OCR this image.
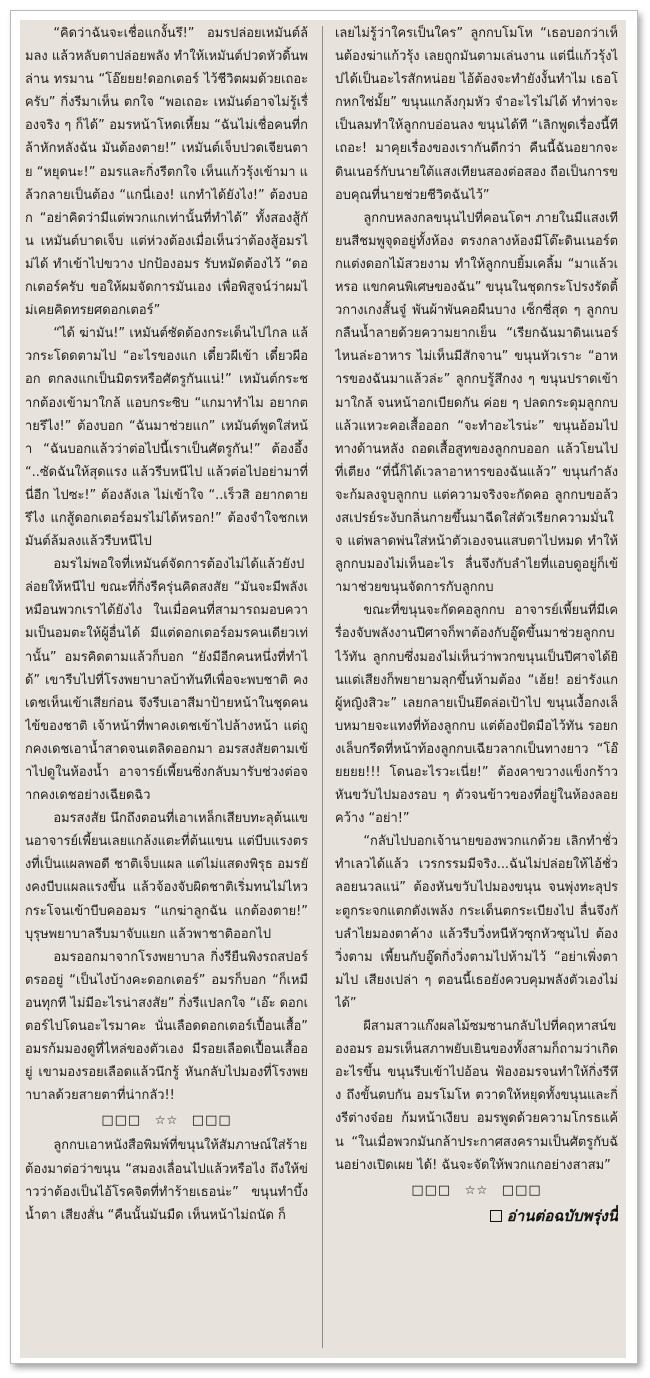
“คิดว่าฉันจะเชื่อแกงั้นรึ!” อมรปล่อยเหมันต์ล้มลง แล้วหลับตาปล่อยพลัง ทำให้เหมันต์ปวดหัวดิ้นพล่าน ทรมาน “โอ๊ยยย!ดอกเตอร์ ไว้ชีวิตผมด้วยเถอะครับ” กิ่งรีมาเห็น ตกใจ “พอเถอะ เหมันต์อาจไม่รู้เรื่องจริง ๆ ก็ได้” อมรหน้าโหดเหี้ยม “ฉันไม่เชื่อคนที่กล้าหักหลังฉัน มันต้องตาย!” เหมันต์เจ็บปวดเจียนตาย “หยุดนะ!” อมรและกิ่งรีตกใจ เห็นแก้วรุ้งเข้ามา แล้วกลายเป็นต้อง “แกนี่เอง! แกทำได้ยังไง!” ต้องบอก “อย่าคิดว่ามีแต่พวกแกเท่านั้นที่ทำได้” ทั้งสองสู้กัน เหมันต์บาดเจ็บ แต่ห่วงต้องเมื่อเห็นว่าต้องสู้อมรไม่ได้ ทำเข้าไปขวาง ปกป้องอมร รับหมัดต้องไว้ “ดอกเตอร์ครับ ขอให้ผมจัดการมันเอง เพื่อพิสูจน์ว่าผมไม่เคยคิดทรยศดอกเตอร์”

“ได้ ฆ่ามัน!” เหมันต์ซัดต้องกระเด็นไปไกล แล้วกระโดดตามไป “อะไรของแก เดี๋ยวผีเข้า เดี๋ยวผีออก ตกลงแกเป็นมิตรหรือศัตรูกันแน่!” เหมันต์กระชากต้องเข้ามาใกล้ แอบกระซิบ “แกมาทำไม อยากตายรึไง!” ต้องบอก “ฉันมาช่วยแก” เหมันต์พูดใส่หน้า “ฉันบอกแล้วว่าต่อไปนี้เราเป็นศัตรูกัน!” ต้องอึ้ง “..ซัดฉันให้สุดแรง แล้วรีบหนีไป แล้วต่อไปอย่ามาที่นี่อีก ไปซะ!” ต้องลังเล ไม่เข้าใจ “..เร็วสิ อยากตายรึไง แกสู้ดอกเตอร์อมรไม่ได้หรอก!” ต้องจำใจชกเหมันต์ล้มลงแล้วรีบหนีไป

อมรไม่พอใจที่เหมันต์จัดการต้องไม่ได้แล้วยังปล่อยให้หนีไป ขณะที่กิ่งรีครุ่นคิดสงสัย “มันจะมีพลังเหมือนพวกเราได้ยังไง ในเมื่อคนที่สามารถมอบความเป็นอมตะให้ผู้อื่นได้ มีแต่ดอกเตอร์อมรคนเดียวเท่านั้น” อมรคิดตามแล้วก็บอก “ยังมีอีกคนหนึ่งที่ทำได้” เขารีบไปที่โรงพยาบาลบ้าทันทีเพื่อจะพบชาติ คงเดชเห็นเข้าเสียก่อน จึงรีบเอาสีมาป้ายหน้าในชุดคนไข้ของชาติ เจ้าหน้าที่พาคงเดชเข้าไปล้างหน้า แต่ถูกคงเดชเอาน้ำสาดจนเตลิดออกมา อมรสงสัยตามเข้าไปดูในห้องน้ำ อาจารย์เพี้ยนซิ่งกลับมารับช่วงต่อจากคงเดชอย่างเฉียดฉิว

อมรสงสัย นึกถึงตอนที่เอาเหล็กเสียบทะลุต้นแขนอาจารย์เพี้ยนเลยแกล้งแตะที่ต้นแขน แต่บีบแรงตรงที่เป็นแผลพอดี ชาติเจ็บแผล แต่ไม่แสดงพิรุธ อมรยังคงบีบแผลแรงขึ้น แล้วจ้องจับผิดชาติเริ่มทนไม่ไหว กระโจนเข้าบีบคออมร “แกฆ่าลูกฉัน แกต้องตาย!” บุรุษพยาบาลรีบมาจับแยก แล้วพาชาติออกไป

อมรออกมาจากโรงพยาบาล กิ่งรียืนพิงรถสปอร์ตรออยู่ “เป็นไงบ้างคะดอกเตอร์” อมรก็บอก “ก็เหมือนทุกที ไม่มีอะไรน่าสงสัย” กิ่งรีแปลกใจ “เอ๊ะ ดอกเตอร์ไปโดนอะไรมาคะ นั่นเลือดดอกเตอร์เปื้อนเสื้อ” อมรก้มมองดูที่ไหล่ของตัวเอง มีรอยเลือดเปื้อนเสื้ออยู่ เขามองรอยเลือดแล้วนึกรู้ หันกลับไปมองที่โรงพยาบาลด้วยสายตาที่น่ากลัว!!

□□□ ☆☆ □□□

ลูกกบเอาหนังสือพิมพ์ที่ขนุนให้สัมภาษณ์ใส่ร้ายต้องมาต่อว่าขนุน “สมองเลื่อนไปแล้วหรือไง ถึงให้ข่าวว่าต้องเป็นไอ้โรคจิตที่ทำร้ายเธอน่ะ” ขนุนทำบึ้งน้ำตา เสียงสั่น “คืนนั้นมันมืด เห็นหน้าไม่ถนัด ก็

เลยไม่รู้ว่าใครเป็นใคร” ลูกกบโมโห “เธอบอกว่าเห็นต้องฆ่าแก้วรุ้ง เลยถูกมันตามเล่นงาน แต่นี่แก้วรุ้งไปได้เป็นอะไรสักหน่อย ไอ้ต้องจะทำยังงั้นทำไม เธอโกหกใช่มั้ย” ขนุนแกล้งกุมหัว จำอะไรไม่ได้ ทำท่าจะเป็นลมทำให้ลูกกบอ่อนลง ขนุนได้ที “เลิกพูดเรื่องนี้ทีเถอะ! มาคุยเรื่องของเรากันดีกว่า คืนนี้ฉันอยากจะดินเนอร์กับนายใต้แสงเทียนสองต่อสอง ถือเป็นการขอบคุณที่นายช่วยชีวิตฉันไว้”

ลูกกบหลงกลขนุนไปที่คอนโดฯ ภายในมีแสงเทียนสีชมพูจุดอยู่ทั้งห้อง ตรงกลางห้องมีโต๊ะดินเนอร์ตกแต่งดอกไม้สวยงาม ทำให้ลูกกบยิ้มเคลิ้ม “มาแล้วเหรอ แขกคนพิเศษของฉัน” ขนุนในชุดกระโปรงรัดติ้วกางเกงสั้นจู๋ พันผ้าพันคอผืนบาง เซ็กซี่สุด ๆ ลูกกบกลืนน้ำลายด้วยความยากเย็น “เรียกฉันมาดินเนอร์ไหนล่ะอาหาร ไม่เห็นมีสักจาน” ขนุนหัวเราะ “อาหารของฉันมาแล้วล่ะ” ลูกกบรู้สึกงง ๆ ขนุนปราดเข้ามาใกล้ จนหน้าอกเบียดกัน ค่อย ๆ ปลดกระดุมลูกกบแล้วแหวะคอเสื้อออก “จะทำอะไรน่ะ” ขนุนอ้อมไปทางด้านหลัง ถอดเสื้อสูทของลูกกบออก แล้วโยนไปที่เตียง “ที่นี้ก็ได้เวลาอาหารของฉันแล้ว” ขนุนกำลังจะก้มลงจูบลูกกบ แต่ความจริงจะกัดคอ ลูกกบขอล้วงสเปรย์ระงับกลิ่นกายขึ้นมาฉีดใส่ตัวเรียกความมั่นใจ แต่พลาดพ่นใส่หน้าตัวเองจนแสบตาไปหมด ทำให้ลูกกบมองไม่เห็นอะไร ลื่นจึงกับลำไยที่แอบดูอยู่ก็เข้ามาช่วยขนุนจัดการกับลูกกบ

ขณะที่ขนุนจะกัดคอลูกกบ อาจารย์เพี้ยนที่มีเครื่องจับพลังงานปีศาจก็พาต้องกับอู๊ดขึ้นมาช่วยลูกกบไว้ทัน ลูกกบซึ่งมองไม่เห็นว่าพวกขนุนเป็นปีศาจได้ยินแต่เสียงก็พยายามลุกขึ้นห้ามต้อง “เฮ้ย! อย่ารังแกผู้หญิงสิวะ” เลยกลายเป็นยึดล่อเป้าไป ขนุนเงื้อกงเล็บหมายจะแทงที่ท้องลูกกบ แต่ต้องปัดมือไว้ทัน รอยกงเล็บกรีดที่หน้าท้องลูกกบเฉียวลากเป็นทางยาว “โอ๊ยยยย!!! โดนอะไรวะเนี่ย!” ต้องคาขวางแข็งกร้าว หันขวับไปมองรอบ ๆ ตัวจนข้าวของที่อยู่ในห้องลอยคว้าง “อย่า!”

“กลับไปบอกเจ้านายของพวกแกด้วย เลิกทำชั่วทำเลวได้แล้ว เวรกรรมมีจริง...ฉันไม่ปล่อยให้ไอ้ชั่วลอยนวลแน่” ต้องหันขวับไปมองขนุน จนพุ่งทะลุประตูกระจกแตกดังเพล้ง กระเด็นตกระเบียงไป ลื่นจึงกับลำไยมองตาค้าง แล้วรีบวิ่งหนีหัวซุกหัวซุนไป ต้องวิ่งตาม เพี้ยนกับอู๊ดกิ่งวิ่งตามไปห้ามไว้ “อย่าเพิ่งตามไป เสียงเปล่า ๆ ตอนนี้เธอยังควบคุมพลังตัวเองไม่ได้”

ผีสามสาวแก๊งผลไม้ซมซานกลับไปที่คฤหาสน์ของอมร อมรเห็นสภาพยับเยินของทั้งสามก็ถามว่าเกิดอะไรขึ้น ขนุนรีบเข้าไปอ้อน ฟ้องอมรจนทำให้กิ่งรีหึง ถึงขั้นตบกัน อมรโมโห ตวาดให้หยุดทั้งขนุนและกิ่งรีต่างจ๋อย ก้มหน้าเงียบ อมรพูดด้วยความโกรธแค้น “ในเมื่อพวกมันกล้าประกาศสงครามเป็นศัตรูกับฉันอย่างเปิดเผย ได้! ฉันจะจัดให้พวกแกอย่างสาสม”

□□□ ☆☆ □□□
อ่านต่อฉบับพรุ่งนี้
